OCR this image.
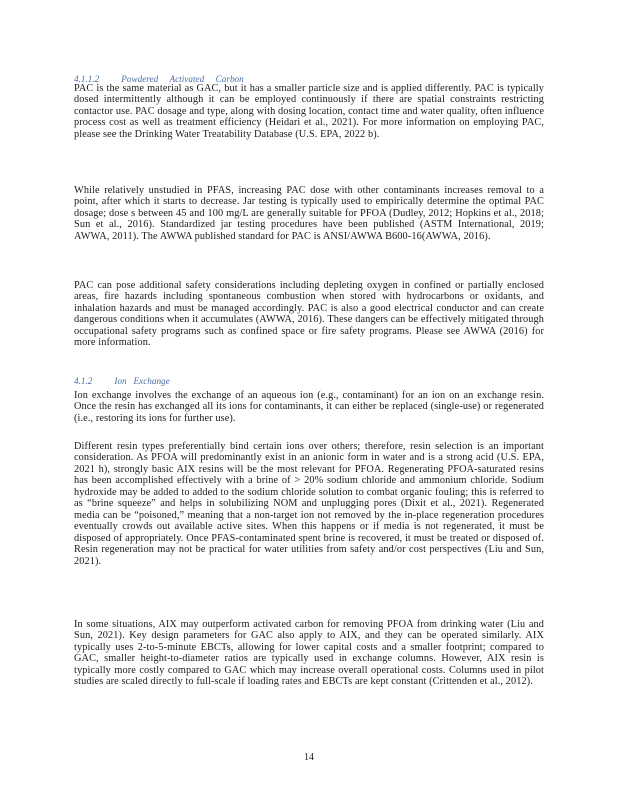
4.1.1.2 Powdered     Activated     Carbon

PAC is the same material as GAC, but it has a smaller particle size and is applied differently. PAC is typically dosed intermittently although it can be employed continuously if there are spatial constraints restricting contactor use. PAC dosage and type, along with dosing location, contact time and water quality, often influence process cost as well as treatment efficiency (Heidari et al., 2021). For more information on employing PAC, please see the Drinking Water Treatability Database (U.S. EPA, 2022 b).

While relatively unstudied in PFAS, increasing PAC dose with other contaminants increases removal to a point, after which it starts to decrease. Jar testing is typically used to empirically determine the optimal PAC dosage; dose s between 45 and 100 mg/L are generally suitable for PFOA (Dudley, 2012; Hopkins et al., 2018; Sun et al., 2016). Standardized jar testing procedures have been published (ASTM International, 2019; AWWA, 2011). The AWWA published standard for PAC is ANSI/AWWA B600-16(AWWA, 2016).

PAC can pose additional safety considerations including depleting oxygen in confined or partially enclosed areas, fire hazards including spontaneous combustion when stored with hydrocarbons or oxidants, and inhalation hazards and must be managed accordingly. PAC is also a good electrical conductor and can create dangerous conditions when it accumulates (AWWA, 2016). These dangers can be effectively mitigated through occupational safety programs such as confined space or fire safety programs. Please see AWWA (2016) for more information.

4.1.2 Ion   Exchange

Ion exchange involves the exchange of an aqueous ion (e.g., contaminant) for an ion on an exchange resin. Once the resin has exchanged all its ions for contaminants, it can either be replaced (single-use) or regenerated (i.e., restoring its ions for further use).

Different resin types preferentially bind certain ions over others; therefore, resin selection is an important consideration. As PFOA will predominantly exist in an anionic form in water and is a strong acid (U.S. EPA, 2021 h), strongly basic AIX resins will be the most relevant for PFOA. Regenerating PFOA-saturated resins has been accomplished effectively with a brine of > 20% sodium chloride and ammonium chloride. Sodium hydroxide may be added to added to the sodium chloride solution to combat organic fouling; this is referred to as “brine squeeze” and helps in solubilizing NOM and unplugging pores (Dixit et al., 2021). Regenerated media can be “poisoned,” meaning that a non-target ion not removed by the in-place regeneration procedures eventually crowds out available active sites. When this happens or if media is not regenerated, it must be disposed of appropriately. Once PFAS-contaminated spent brine is recovered, it must be treated or disposed of. Resin regeneration may not be practical for water utilities from safety and/or cost perspectives (Liu and Sun, 2021).

In some situations, AIX may outperform activated carbon for removing PFOA from drinking water (Liu and Sun, 2021). Key design parameters for GAC also apply to AIX, and they can be operated similarly. AIX typically uses 2-to-5-minute EBCTs, allowing for lower capital costs and a smaller footprint; compared to GAC, smaller height-to-diameter ratios are typically used in exchange columns. However, AIX resin is typically more costly compared to GAC which may increase overall operational costs. Columns used in pilot studies are scaled directly to full-scale if loading rates and EBCTs are kept constant (Crittenden et al., 2012).

14
